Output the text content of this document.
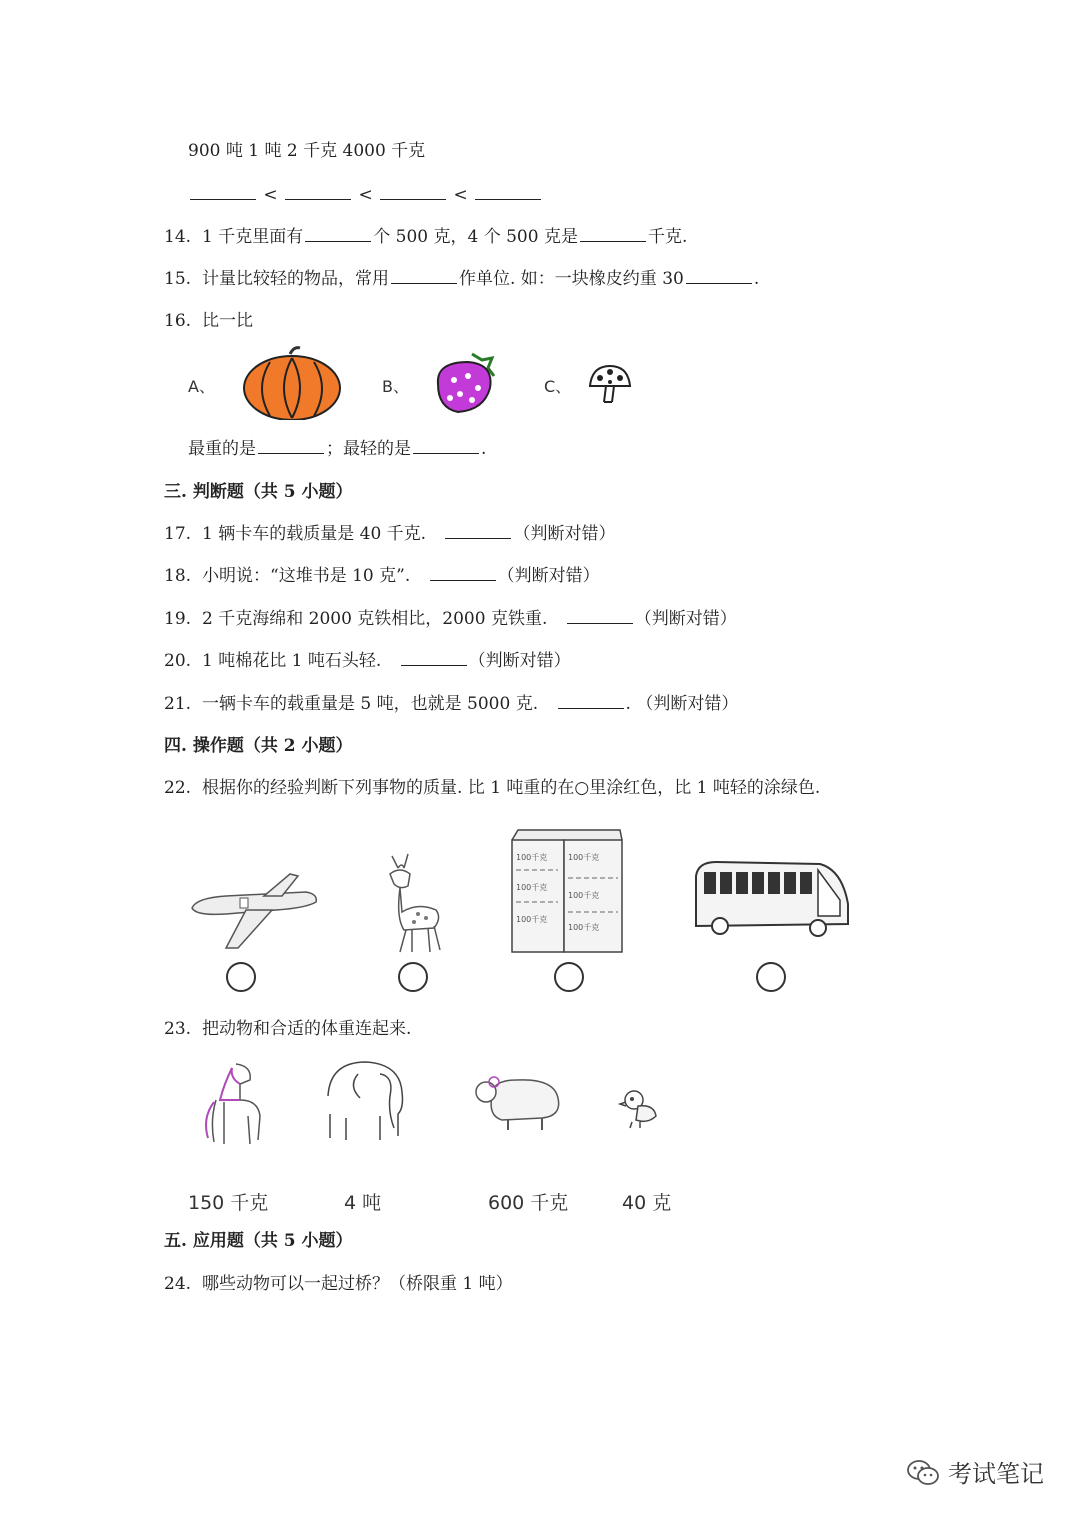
900 吨 1 吨 2 千克 4000 千克
<	<	<
14. 1 千克里面有	个 500 克，4 个 500 克是	千克.
15. 计量比较轻的物品，常用	作单位. 如：一块橡皮约重 30	.
16. 比一比
A、	B、	C、
最重的是	；最轻的是	.
三. 判断题（共 5 小题）
17. 1 辆卡车的载质量是 40 千克.	（判断对错）
18. 小明说：“这堆书是 10 克”.	（判断对错）
19. 2 千克海绵和 2000 克铁相比，2000 克铁重.	（判断对错）
20. 1 吨棉花比 1 吨石头轻.	（判断对错）
21. 一辆卡车的载重量是 5 吨，也就是 5000 克.	. （判断对错）
四. 操作题（共 2 小题）
22. 根据你的经验判断下列事物的质量. 比 1 吨重的在○里涂红色，比 1 吨轻的涂绿色.
100千克	100千克
100千克
100千克
100千克
100千克
23. 把动物和合适的体重连起来.
150 千克	4 吨	600 千克	40 克
五. 应用题（共 5 小题）
24. 哪些动物可以一起过桥？（桥限重 1 吨）
考试笔记
